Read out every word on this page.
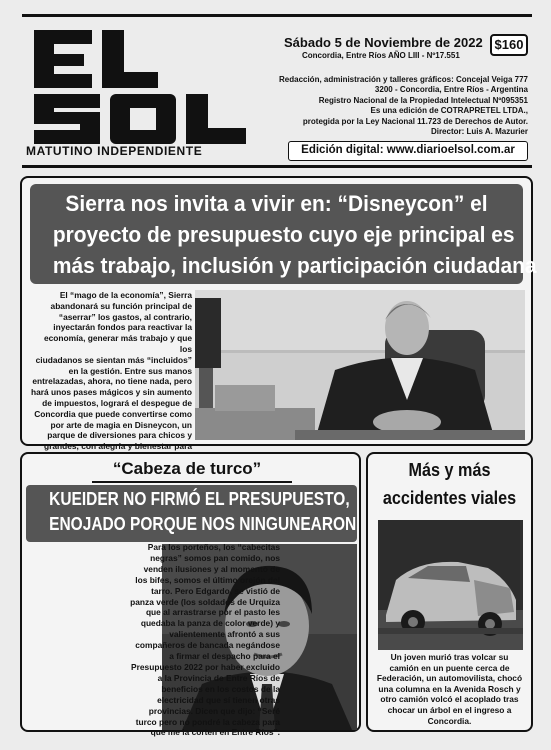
MATUTINO INDEPENDIENTE
Sábado 5 de Noviembre de 2022
Concordia, Entre Ríos AÑO LIII - Nº17.551
$160
Redacción, administración y talleres gráficos: Concejal Veiga 777
3200 - Concordia, Entre Ríos - Argentina
Registro Nacional de la Propiedad Intelectual Nº095351
Es una edición de COTRAPRETEL LTDA.,
protegida por la Ley Nacional 11.723 de Derechos de Autor.
Director: Luis A. Mazurier
Edición digital: www.diarioelsol.com.ar
Sierra nos invita a vivir en: “Disneycon” el
proyecto de presupuesto cuyo eje principal es
más trabajo, inclusión y participación ciudadana
El “mago de la economía”, Sierra
abandonará su función principal de
“aserrar” los gastos, al contrario,
inyectarán fondos para reactivar la
economía, generar más trabajo y que los
ciudadanos se sientan más “incluidos”
en la gestión. Entre sus manos
entrelazadas, ahora, no tiene nada, pero
hará unos pases mágicos y sin aumento
de impuestos, logrará el despegue de
Concordia que puede convertirse como
por arte de magia en Disneycon, un
parque de diversiones para chicos y
grandes, con alegría y bienestar para
“Cabeza de turco”
KUEIDER NO FIRMÓ EL PRESUPUESTO,
ENOJADO PORQUE NOS NINGUNEARON
Para los porteños, los “cabecitas
negras” somos pan comido, nos
venden ilusiones y al momento de
los bifes, somos el último orejón del
tarro. Pero Edgardo, se vistió de
panza verde (los soldados de Urquiza
que al arrastrarse por el pasto les
quedaba la panza de color verde) y
valientemente afrontó a sus
compañeros de bancada negándose
a firmar el despacho para el
Presupuesto 2022 por haber excluido
a la Provincia de Entre Ríos de
beneficios en los costos de la
electricidad que sí tienen otras
provincias. Dicen que dijo: “Seré
turco pero no pondré la cabeza para
que me la corten en Entre Ríos”.
Más y más
accidentes viales
Un joven murió tras volcar su
camión en un puente cerca de
Federación, un automovilista, chocó
una columna en la Avenida Rosch y
otro camión volcó el acoplado tras
chocar un árbol en el ingreso a
Concordia.
